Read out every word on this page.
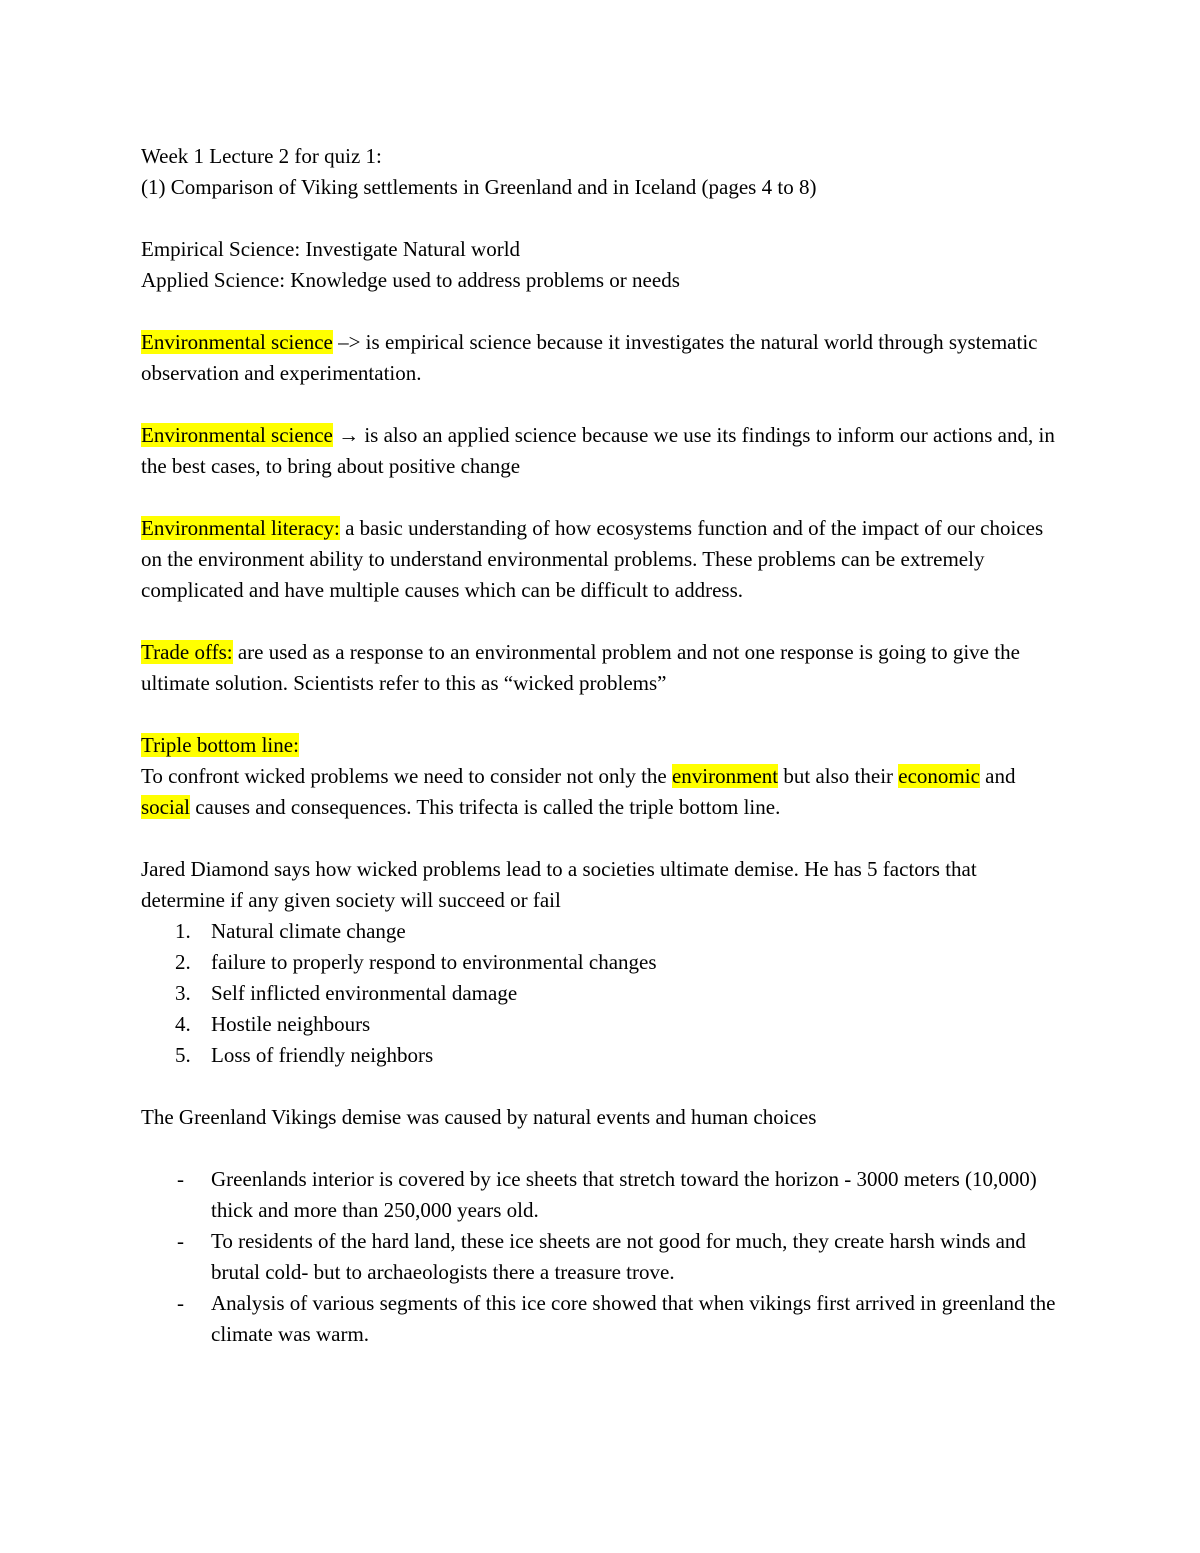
Week 1 Lecture 2 for quiz 1:

(1) Comparison of Viking settlements in Greenland and in Iceland (pages 4 to 8)

Empirical Science: Investigate Natural world

Applied Science: Knowledge used to address problems or needs

Environmental science –> is empirical science because it investigates the natural world through systematic observation and experimentation.

Environmental science → is also an applied science because we use its findings to inform our actions and, in the best cases, to bring about positive change

Environmental literacy: a basic understanding of how ecosystems function and of the impact of our choices on the environment ability to understand environmental problems. These problems can be extremely complicated and have multiple causes which can be difficult to address.

Trade offs: are used as a response to an environmental problem and not one response is going to give the ultimate solution. Scientists refer to this as “wicked problems”

Triple bottom line:

To confront wicked problems we need to consider not only the environment but also their economic and social causes and consequences. This trifecta is called the triple bottom line.

Jared Diamond says how wicked problems lead to a societies ultimate demise. He has 5 factors that determine if any given society will succeed or fail

1. Natural climate change
2. failure to properly respond to environmental changes
3. Self inflicted environmental damage
4. Hostile neighbours
5. Loss of friendly neighbors

The Greenland Vikings demise was caused by natural events and human choices

- Greenlands interior is covered by ice sheets that stretch toward the horizon - 3000 meters (10,000) thick and more than 250,000 years old.
- To residents of the hard land, these ice sheets are not good for much, they create harsh winds and brutal cold- but to archaeologists there a treasure trove.
- Analysis of various segments of this ice core showed that when vikings first arrived in greenland the climate was warm.
